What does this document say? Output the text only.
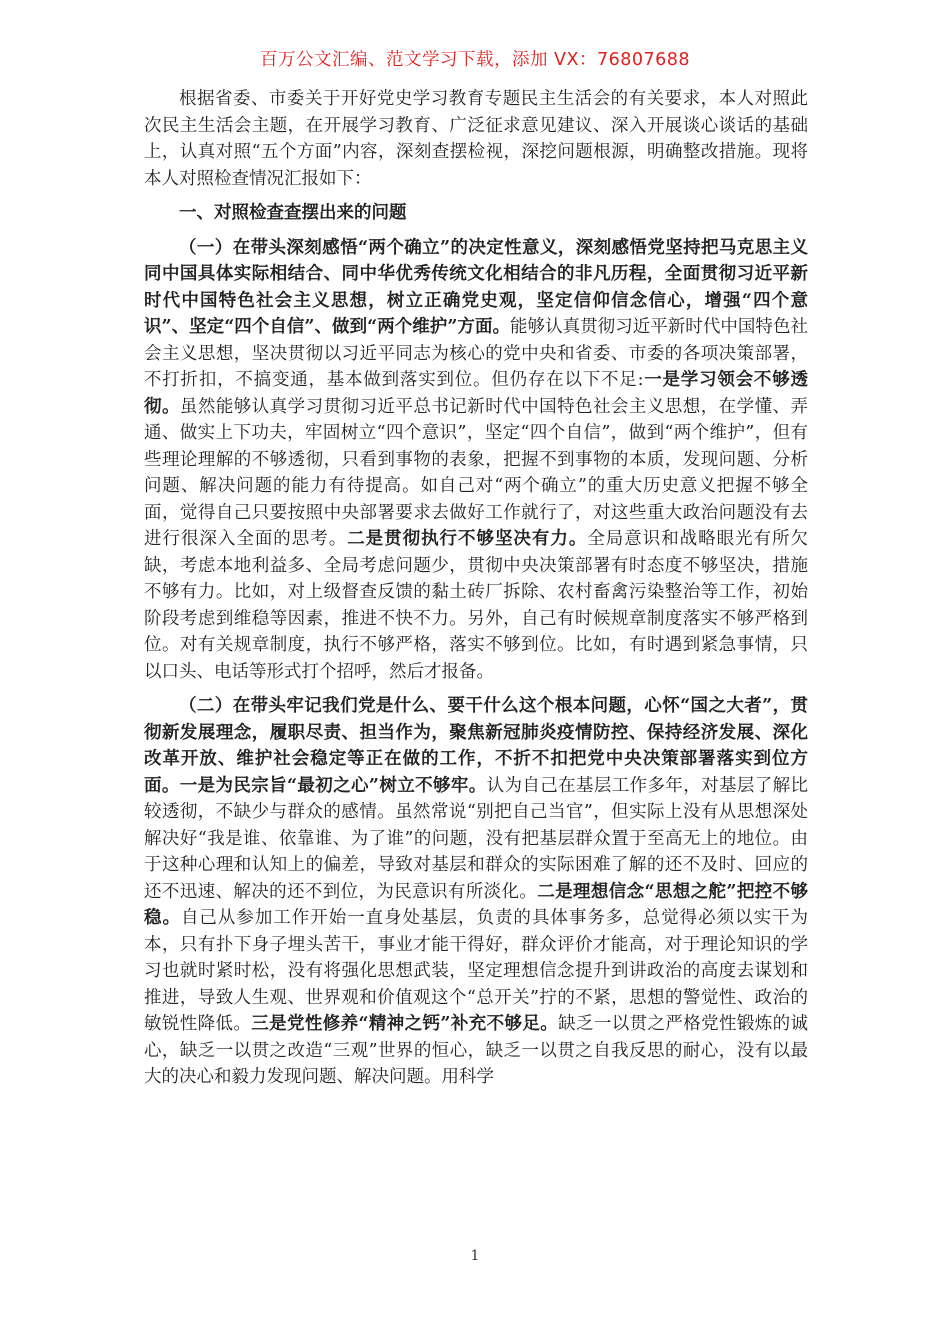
百万公文汇编、范文学习下载，添加 VX：76807688

根据省委、市委关于开好党史学习教育专题民主生活会的有关要求，本人对照此次民主生活会主题，在开展学习教育、广泛征求意见建议、深入开展谈心谈话的基础上，认真对照“五个方面”内容，深刻查摆检视，深挖问题根源，明确整改措施。现将本人对照检查情况汇报如下：

一、对照检查查摆出来的问题

（一）在带头深刻感悟“两个确立”的决定性意义，深刻感悟党坚持把马克思主义同中国具体实际相结合、同中华优秀传统文化相结合的非凡历程，全面贯彻习近平新时代中国特色社会主义思想，树立正确党史观，坚定信仰信念信心，增强“四个意识”、坚定“四个自信”、做到“两个维护”方面。能够认真贯彻习近平新时代中国特色社会主义思想，坚决贯彻以习近平同志为核心的党中央和省委、市委的各项决策部署，不打折扣，不搞变通，基本做到落实到位。但仍存在以下不足:一是学习领会不够透彻。虽然能够认真学习贯彻习近平总书记新时代中国特色社会主义思想，在学懂、弄通、做实上下功夫，牢固树立“四个意识”，坚定“四个自信”，做到“两个维护”，但有些理论理解的不够透彻，只看到事物的表象，把握不到事物的本质，发现问题、分析问题、解决问题的能力有待提高。如自己对“两个确立”的重大历史意义把握不够全面，觉得自己只要按照中央部署要求去做好工作就行了，对这些重大政治问题没有去进行很深入全面的思考。二是贯彻执行不够坚决有力。全局意识和战略眼光有所欠缺，考虑本地利益多、全局考虑问题少，贯彻中央决策部署有时态度不够坚决，措施不够有力。比如，对上级督查反馈的黏土砖厂拆除、农村畜禽污染整治等工作，初始阶段考虑到维稳等因素，推进不快不力。另外，自己有时候规章制度落实不够严格到位。对有关规章制度，执行不够严格，落实不够到位。比如，有时遇到紧急事情，只以口头、电话等形式打个招呼，然后才报备。

（二）在带头牢记我们党是什么、要干什么这个根本问题，心怀“国之大者”，贯彻新发展理念，履职尽责、担当作为，聚焦新冠肺炎疫情防控、保持经济发展、深化改革开放、维护社会稳定等正在做的工作，不折不扣把党中央决策部署落实到位方面。一是为民宗旨“最初之心”树立不够牢。认为自己在基层工作多年，对基层了解比较透彻，不缺少与群众的感情。虽然常说“别把自己当官”，但实际上没有从思想深处解决好“我是谁、依靠谁、为了谁”的问题，没有把基层群众置于至高无上的地位。由于这种心理和认知上的偏差，导致对基层和群众的实际困难了解的还不及时、回应的还不迅速、解决的还不到位，为民意识有所淡化。二是理想信念“思想之舵”把控不够稳。自己从参加工作开始一直身处基层，负责的具体事务多，总觉得必须以实干为本，只有扑下身子埋头苦干，事业才能干得好，群众评价才能高，对于理论知识的学习也就时紧时松，没有将强化思想武装，坚定理想信念提升到讲政治的高度去谋划和推进，导致人生观、世界观和价值观这个“总开关”拧的不紧，思想的警觉性、政治的敏锐性降低。三是党性修养“精神之钙”补充不够足。缺乏一以贯之严格党性锻炼的诚心，缺乏一以贯之改造“三观”世界的恒心，缺乏一以贯之自我反思的耐心，没有以最大的决心和毅力发现问题、解决问题。用科学

1
